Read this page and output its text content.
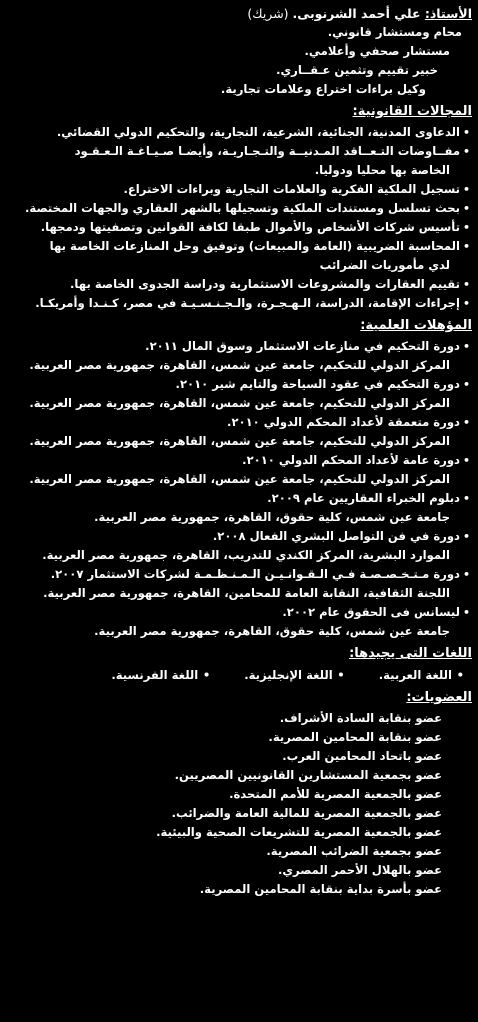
الأستاذ: علي أحمد الشرنوبى. (شريك)
محام ومستشار قانوني.
مستشار صحفي وأعلامي.
خبير تقييم وتثمين عـقــاري.
وكيل براءات اختراع وعلامات تجارية.
المجالات القانونية:
• الدعاوى المدنية، الجنائية، الشرعية، التجارية، والتحكيم الدولي القضائي.
• مفــاوضات التـعــاقد المـدنيــة والتـجـاريـة، وأيضـا صـيـاغـة الـعـقـود
الخاصة بها محليا ودوليا.
• تسجيل الملكية الفكرية والعلامات التجارية وبراءات الاختراع.
• بحث تسلسل ومستندات الملكية وتسجيلها بالشهر العقاري والجهات المختصة.
• تأسيس شركات الأشخاص والأموال طبقا لكافة القوانين وتصفيتها ودمجها.
• المحاسبة الضريبية (العامة والمبيعات) وتوفيق وحل المنازعات الخاصة بها
لدي مأموريات الضرائب
• تقييم العقارات والمشروعات الاستثمارية ودراسة الجدوى الخاصة بها.
• إجراءات الإقامة، الدراسة، الـهـجـرة، والـجـنـسـيـة في مصر، كـنـدا وأمريكـا.
المؤهلات العلمية:
• دورة التحكيم في منازعات الاستثمار وسوق المال ٢٠١١.
المركز الدولي للتحكيم، جامعة عين شمس، القاهرة، جمهورية مصر العربية.
• دورة التحكيم في عقود السياحة والتايم شير ٢٠١٠.
المركز الدولي للتحكيم، جامعة عين شمس، القاهرة، جمهورية مصر العربية.
• دورة متعمقة لأعداد المحكم الدولي ٢٠١٠.
المركز الدولي للتحكيم، جامعة عين شمس، القاهرة، جمهورية مصر العربية.
• دورة عامة لأعداد المحكم الدولي ٢٠١٠.
المركز الدولي للتحكيم، جامعة عين شمس، القاهرة، جمهورية مصر العربية.
• دبلوم الخبراء العقاريين عام ٢٠٠٩.
جامعة عين شمس، كلية حقوق، القاهرة، جمهورية مصر العربية.
• دورة في فن التواصل البشري الفعال ٢٠٠٨.
الموارد البشرية، المركز الكندي للتدريب، القاهرة، جمهورية مصر العربية.
• دورة مـتـخـصـصـة فـي الـقـوانـيـن الـمـنـظـمـة لشركات الاستثمار ٢٠٠٧.
اللجنة الثقافية، النقابة العامة للمحامين، القاهرة، جمهورية مصر العربية.
• ليسانس فى الحقوق عام ٢٠٠٢.
جامعة عين شمس، كلية حقوق، القاهرة، جمهورية مصر العربية.
اللغات التى يجيدها:
• اللغة العربية.
• اللغة الإنجليزية.
• اللغة الفرنسية.
العضويات:
عضو بنقابة السادة الأشراف.
عضو بنقابة المحامين المصرية.
عضو باتحاد المحامين العرب.
عضو بجمعية المستشارين القانونيين المصريين.
عضو بالجمعية المصرية للأمم المتحدة.
عضو بالجمعية المصرية للمالية العامة والضرائب.
عضو بالجمعية المصرية للتشريعات الصحية والبيئية.
عضو بجمعية الضرائب المصرية.
عضو بالهلال الأحمر المصري.
عضو بأسرة بداية بنقابة المحامين المصرية.
